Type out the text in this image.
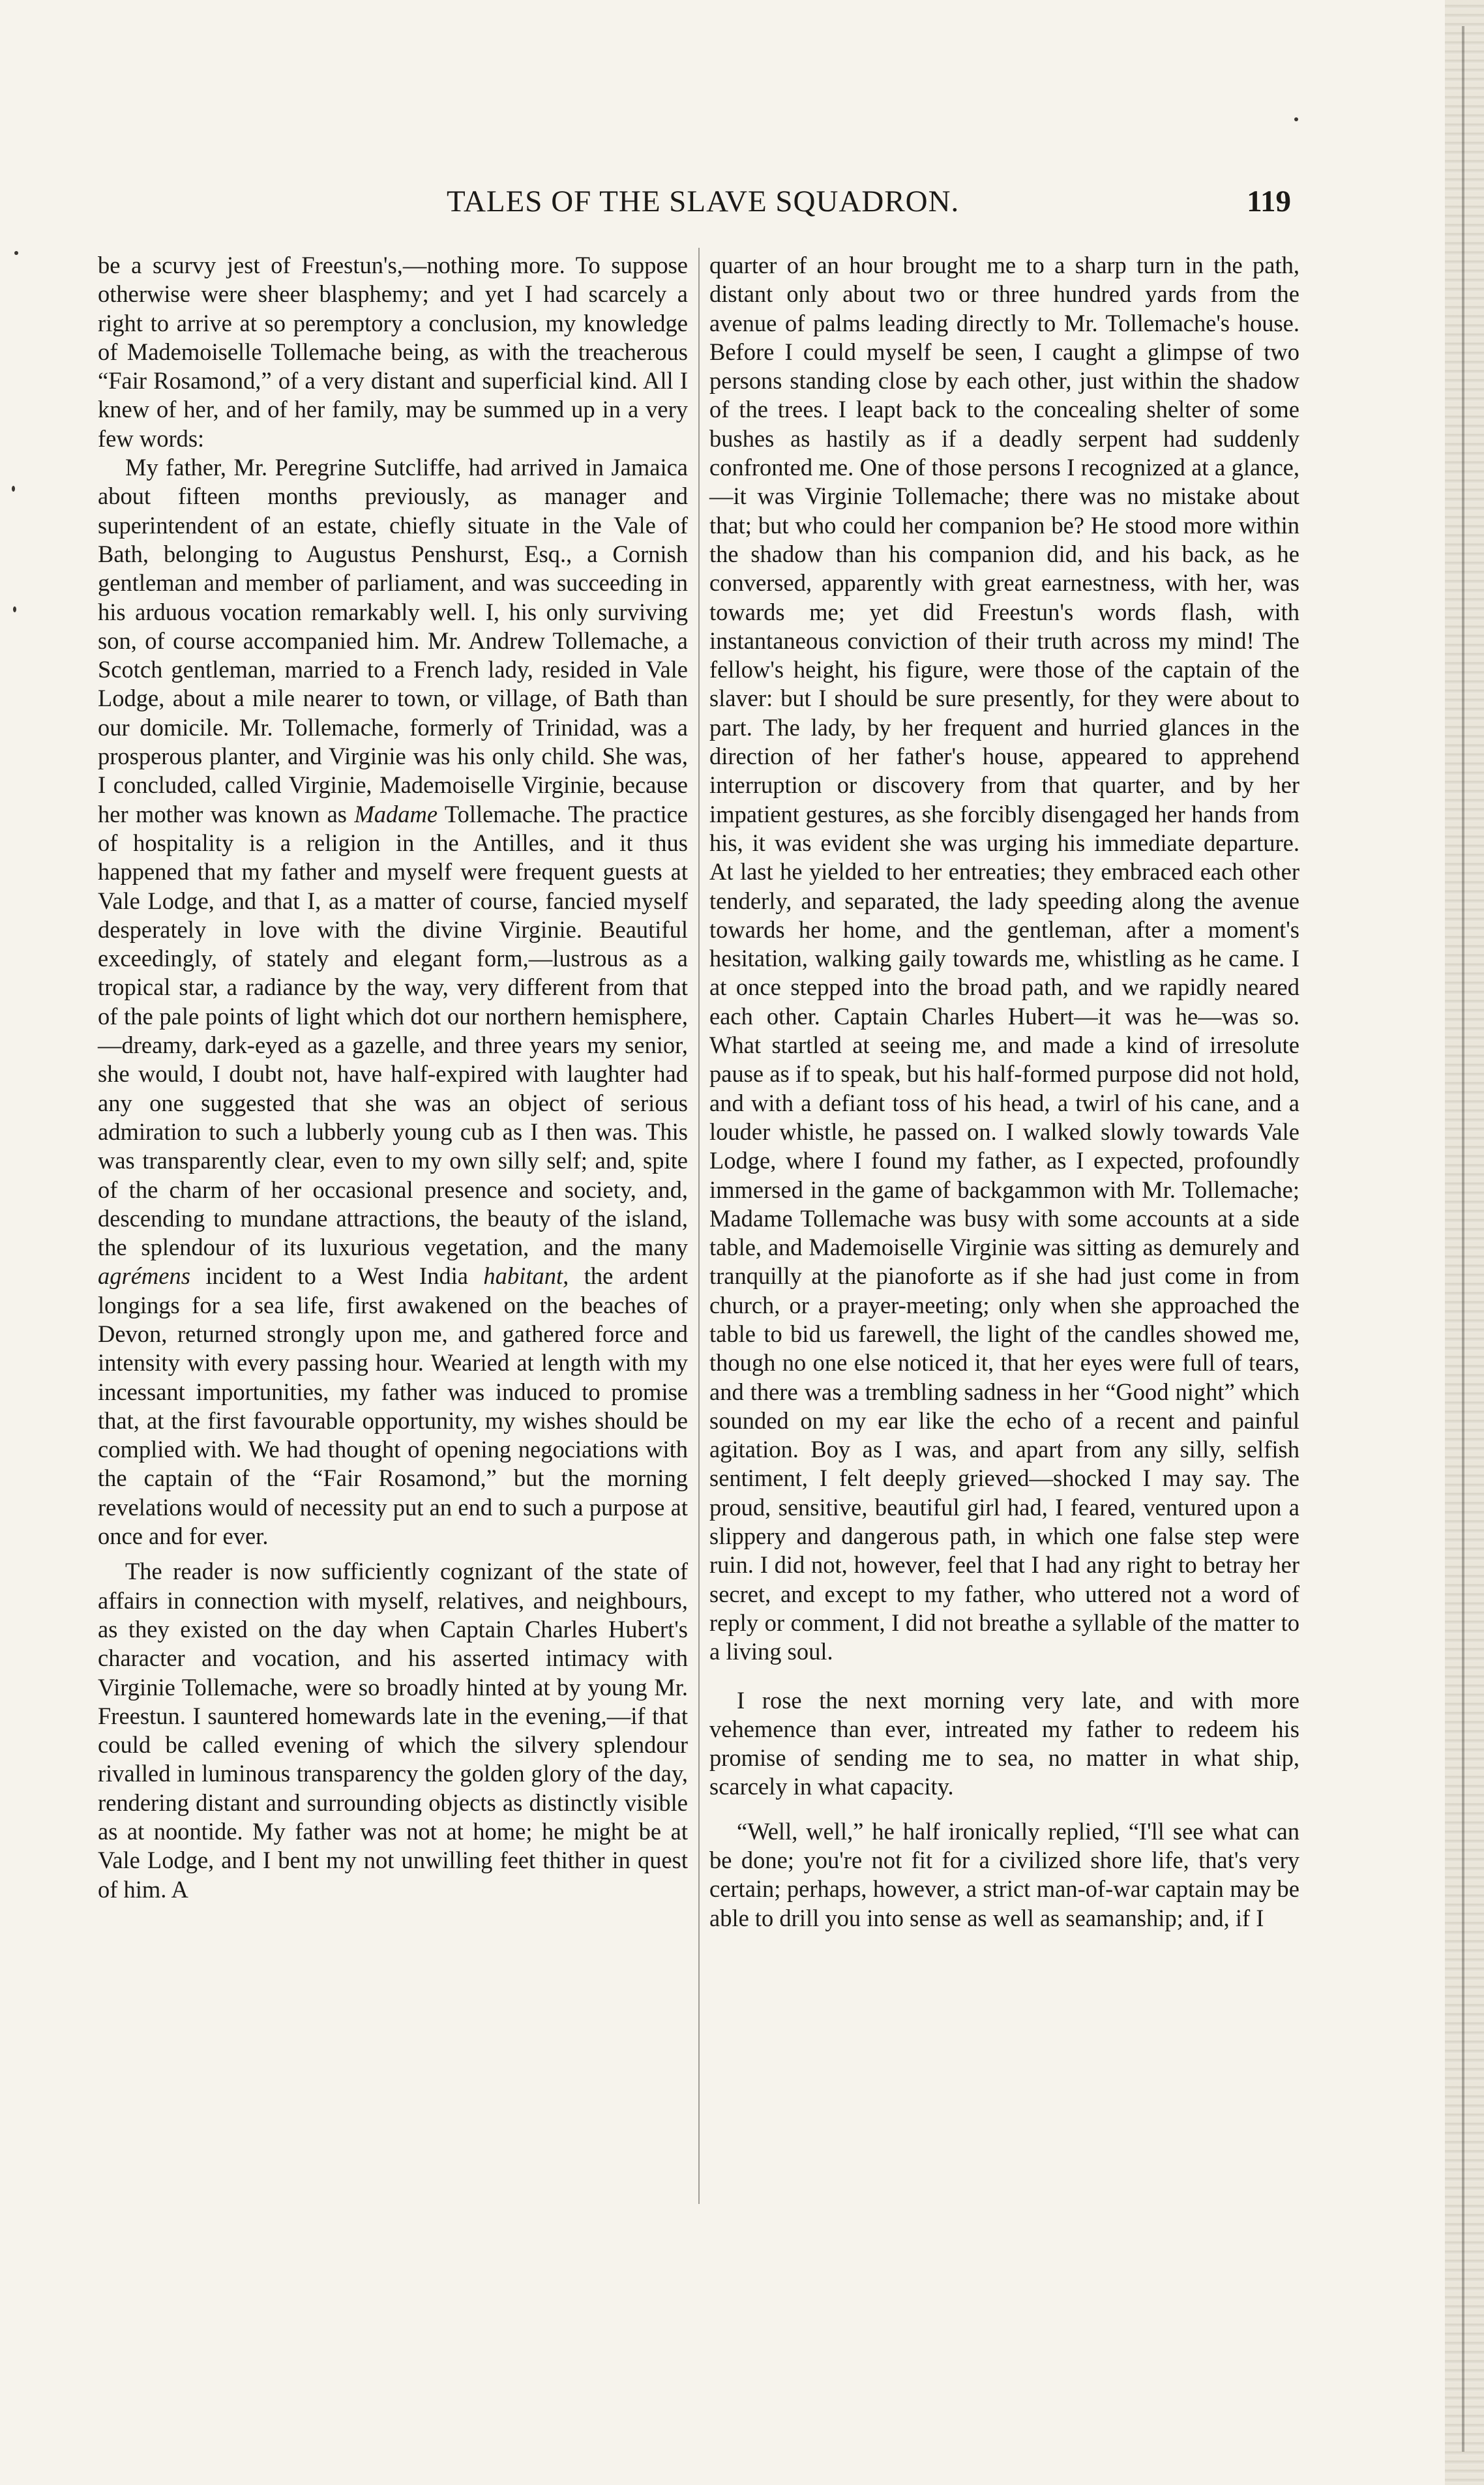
TALES OF THE SLAVE SQUADRON.	119

be a scurvy jest of Freestun's,—nothing more. To suppose otherwise were sheer blasphemy; and yet I had scarcely a right to arrive at so peremptory a conclusion, my knowledge of Mademoiselle Tollemache being, as with the treacherous “Fair Rosamond,” of a very distant and superficial kind. All I knew of her, and of her family, may be summed up in a very few words:

My father, Mr. Peregrine Sutcliffe, had arrived in Jamaica about fifteen months previously, as manager and superintendent of an estate, chiefly situate in the Vale of Bath, belonging to Augustus Penshurst, Esq., a Cornish gentleman and member of parliament, and was succeeding in his arduous vocation remarkably well. I, his only surviving son, of course accompanied him. Mr. Andrew Tollemache, a Scotch gentleman, married to a French lady, resided in Vale Lodge, about a mile nearer to town, or village, of Bath than our domicile. Mr. Tollemache, formerly of Trinidad, was a prosperous planter, and Virginie was his only child. She was, I concluded, called Virginie, Mademoiselle Virginie, because her mother was known as Madame Tollemache. The practice of hospitality is a religion in the Antilles, and it thus happened that my father and myself were frequent guests at Vale Lodge, and that I, as a matter of course, fancied myself desperately in love with the divine Virginie. Beautiful exceedingly, of stately and elegant form,—lustrous as a tropical star, a radiance by the way, very different from that of the pale points of light which dot our northern hemisphere,—dreamy, dark-eyed as a gazelle, and three years my senior, she would, I doubt not, have half-expired with laughter had any one suggested that she was an object of serious admiration to such a lubberly young cub as I then was. This was transparently clear, even to my own silly self; and, spite of the charm of her occasional presence and society, and, descending to mundane attractions, the beauty of the island, the splendour of its luxurious vegetation, and the many agrémens incident to a West India habitant, the ardent longings for a sea life, first awakened on the beaches of Devon, returned strongly upon me, and gathered force and intensity with every passing hour. Wearied at length with my incessant importunities, my father was induced to promise that, at the first favourable opportunity, my wishes should be complied with. We had thought of opening negociations with the captain of the “Fair Rosamond,” but the morning revelations would of necessity put an end to such a purpose at once and for ever.

The reader is now sufficiently cognizant of the state of affairs in connection with myself, relatives, and neighbours, as they existed on the day when Captain Charles Hubert's character and vocation, and his asserted intimacy with Virginie Tollemache, were so broadly hinted at by young Mr. Freestun. I sauntered homewards late in the evening,—if that could be called evening of which the silvery splendour rivalled in luminous transparency the golden glory of the day, rendering distant and surrounding objects as distinctly visible as at noontide. My father was not at home; he might be at Vale Lodge, and I bent my not unwilling feet thither in quest of him. A

quarter of an hour brought me to a sharp turn in the path, distant only about two or three hundred yards from the avenue of palms leading directly to Mr. Tollemache's house. Before I could myself be seen, I caught a glimpse of two persons standing close by each other, just within the shadow of the trees. I leapt back to the concealing shelter of some bushes as hastily as if a deadly serpent had suddenly confronted me. One of those persons I recognized at a glance,—it was Virginie Tollemache; there was no mistake about that; but who could her companion be? He stood more within the shadow than his companion did, and his back, as he conversed, apparently with great earnestness, with her, was towards me; yet did Freestun's words flash, with instantaneous conviction of their truth across my mind! The fellow's height, his figure, were those of the captain of the slaver: but I should be sure presently, for they were about to part. The lady, by her frequent and hurried glances in the direction of her father's house, appeared to apprehend interruption or discovery from that quarter, and by her impatient gestures, as she forcibly disengaged her hands from his, it was evident she was urging his immediate departure. At last he yielded to her entreaties; they embraced each other tenderly, and separated, the lady speeding along the avenue towards her home, and the gentleman, after a moment's hesitation, walking gaily towards me, whistling as he came. I at once stepped into the broad path, and we rapidly neared each other. Captain Charles Hubert—it was he—was so. What startled at seeing me, and made a kind of irresolute pause as if to speak, but his half-formed purpose did not hold, and with a defiant toss of his head, a twirl of his cane, and a louder whistle, he passed on. I walked slowly towards Vale Lodge, where I found my father, as I expected, profoundly immersed in the game of backgammon with Mr. Tollemache; Madame Tollemache was busy with some accounts at a side table, and Mademoiselle Virginie was sitting as demurely and tranquilly at the pianoforte as if she had just come in from church, or a prayer-meeting; only when she approached the table to bid us farewell, the light of the candles showed me, though no one else noticed it, that her eyes were full of tears, and there was a trembling sadness in her “Good night” which sounded on my ear like the echo of a recent and painful agitation. Boy as I was, and apart from any silly, selfish sentiment, I felt deeply grieved—shocked I may say. The proud, sensitive, beautiful girl had, I feared, ventured upon a slippery and dangerous path, in which one false step were ruin. I did not, however, feel that I had any right to betray her secret, and except to my father, who uttered not a word of reply or comment, I did not breathe a syllable of the matter to a living soul.

I rose the next morning very late, and with more vehemence than ever, intreated my father to redeem his promise of sending me to sea, no matter in what ship, scarcely in what capacity.

“Well, well,” he half ironically replied, “I'll see what can be done; you're not fit for a civilized shore life, that's very certain; perhaps, however, a strict man-of-war captain may be able to drill you into sense as well as seamanship; and, if I
